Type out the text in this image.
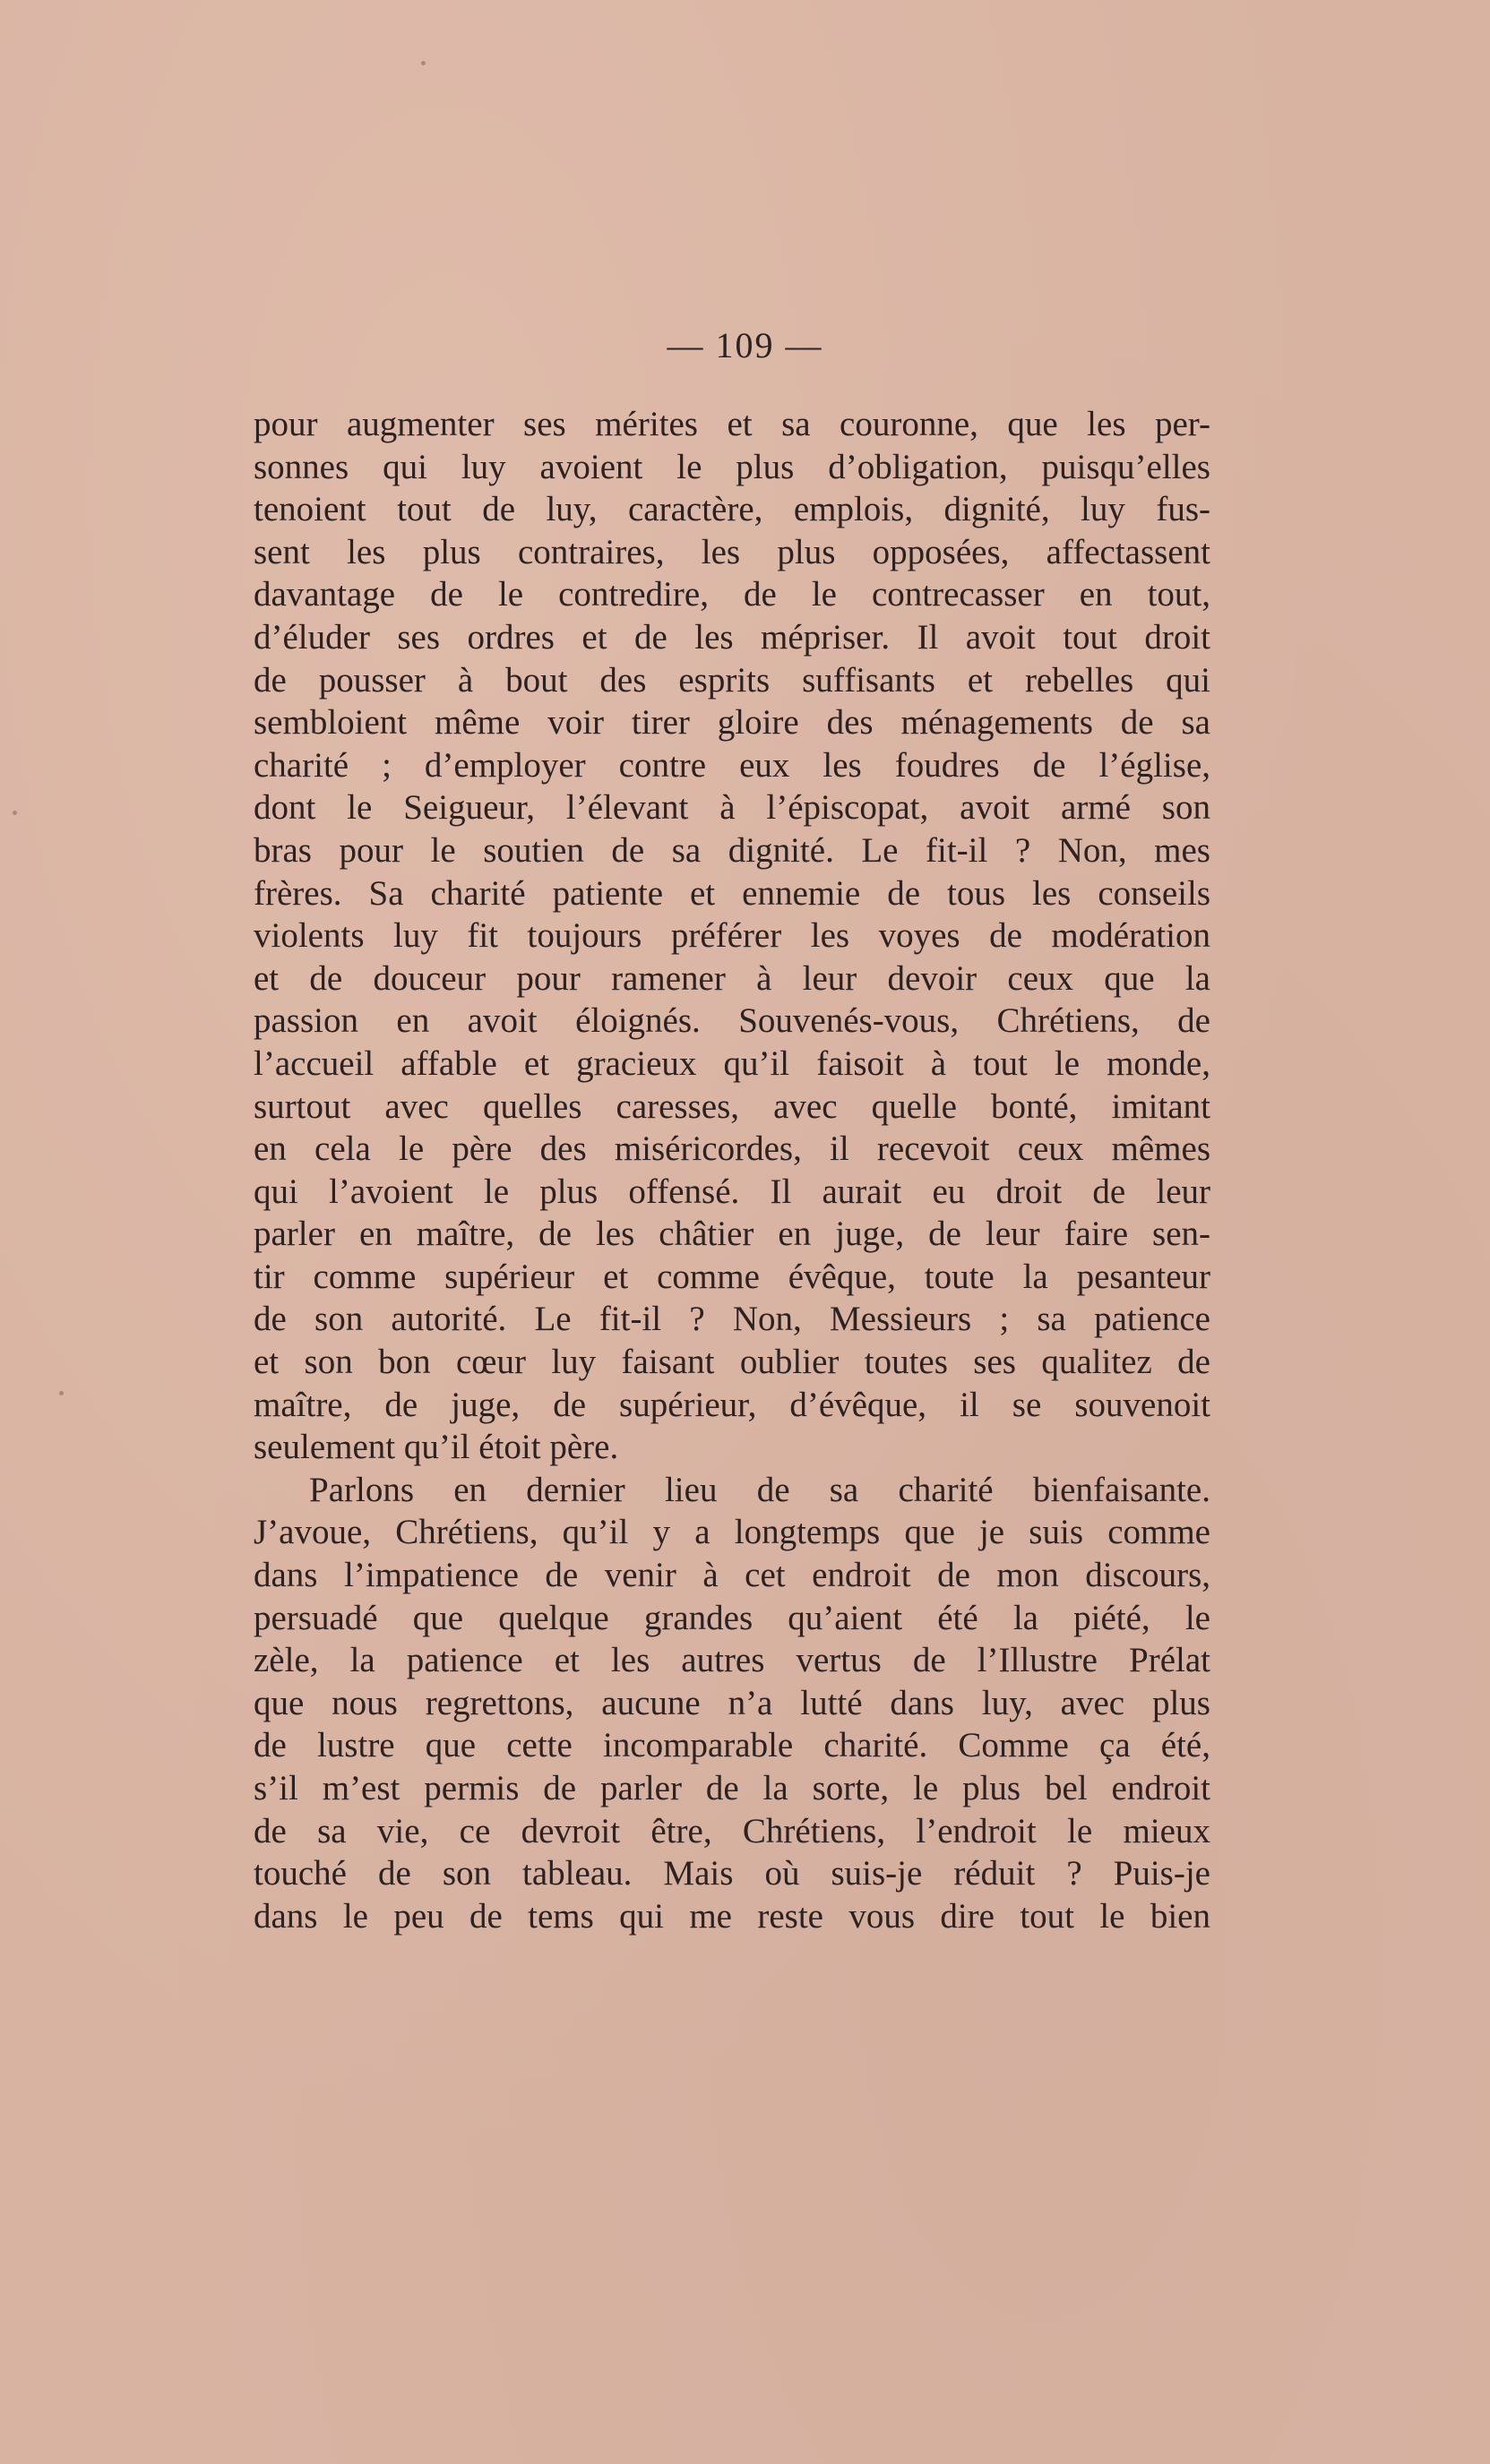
— 109 —
pour augmenter ses mérites et sa couronne, que les per-
sonnes qui luy avoient le plus d’obligation, puisqu’elles
tenoient tout de luy, caractère, emplois, dignité, luy fus-
sent les plus contraires, les plus opposées, affectassent
davantage de le contredire, de le contrecasser en tout,
d’éluder ses ordres et de les mépriser. Il avoit tout droit
de pousser à bout des esprits suffisants et rebelles qui
sembloient même voir tirer gloire des ménagements de sa
charité ; d’employer contre eux les foudres de l’église,
dont le Seigueur, l’élevant à l’épiscopat, avoit armé son
bras pour le soutien de sa dignité. Le fit-il ? Non, mes
frères. Sa charité patiente et ennemie de tous les conseils
violents luy fit toujours préférer les voyes de modération
et de douceur pour ramener à leur devoir ceux que la
passion en avoit éloignés. Souvenés-vous, Chrétiens, de
l’accueil affable et gracieux qu’il faisoit à tout le monde,
surtout avec quelles caresses, avec quelle bonté, imitant
en cela le père des miséricordes, il recevoit ceux mêmes
qui l’avoient le plus offensé. Il aurait eu droit de leur
parler en maître, de les châtier en juge, de leur faire sen-
tir comme supérieur et comme évêque, toute la pesanteur
de son autorité. Le fit-il ? Non, Messieurs ; sa patience
et son bon cœur luy faisant oublier toutes ses qualitez de
maître, de juge, de supérieur, d’évêque, il se souvenoit
seulement qu’il étoit père.
Parlons en dernier lieu de sa charité bienfaisante.
J’avoue, Chrétiens, qu’il y a longtemps que je suis comme
dans l’impatience de venir à cet endroit de mon discours,
persuadé que quelque grandes qu’aient été la piété, le
zèle, la patience et les autres vertus de l’Illustre Prélat
que nous regrettons, aucune n’a lutté dans luy, avec plus
de lustre que cette incomparable charité. Comme ça été,
s’il m’est permis de parler de la sorte, le plus bel endroit
de sa vie, ce devroit être, Chrétiens, l’endroit le mieux
touché de son tableau. Mais où suis-je réduit ? Puis-je
dans le peu de tems qui me reste vous dire tout le bien
